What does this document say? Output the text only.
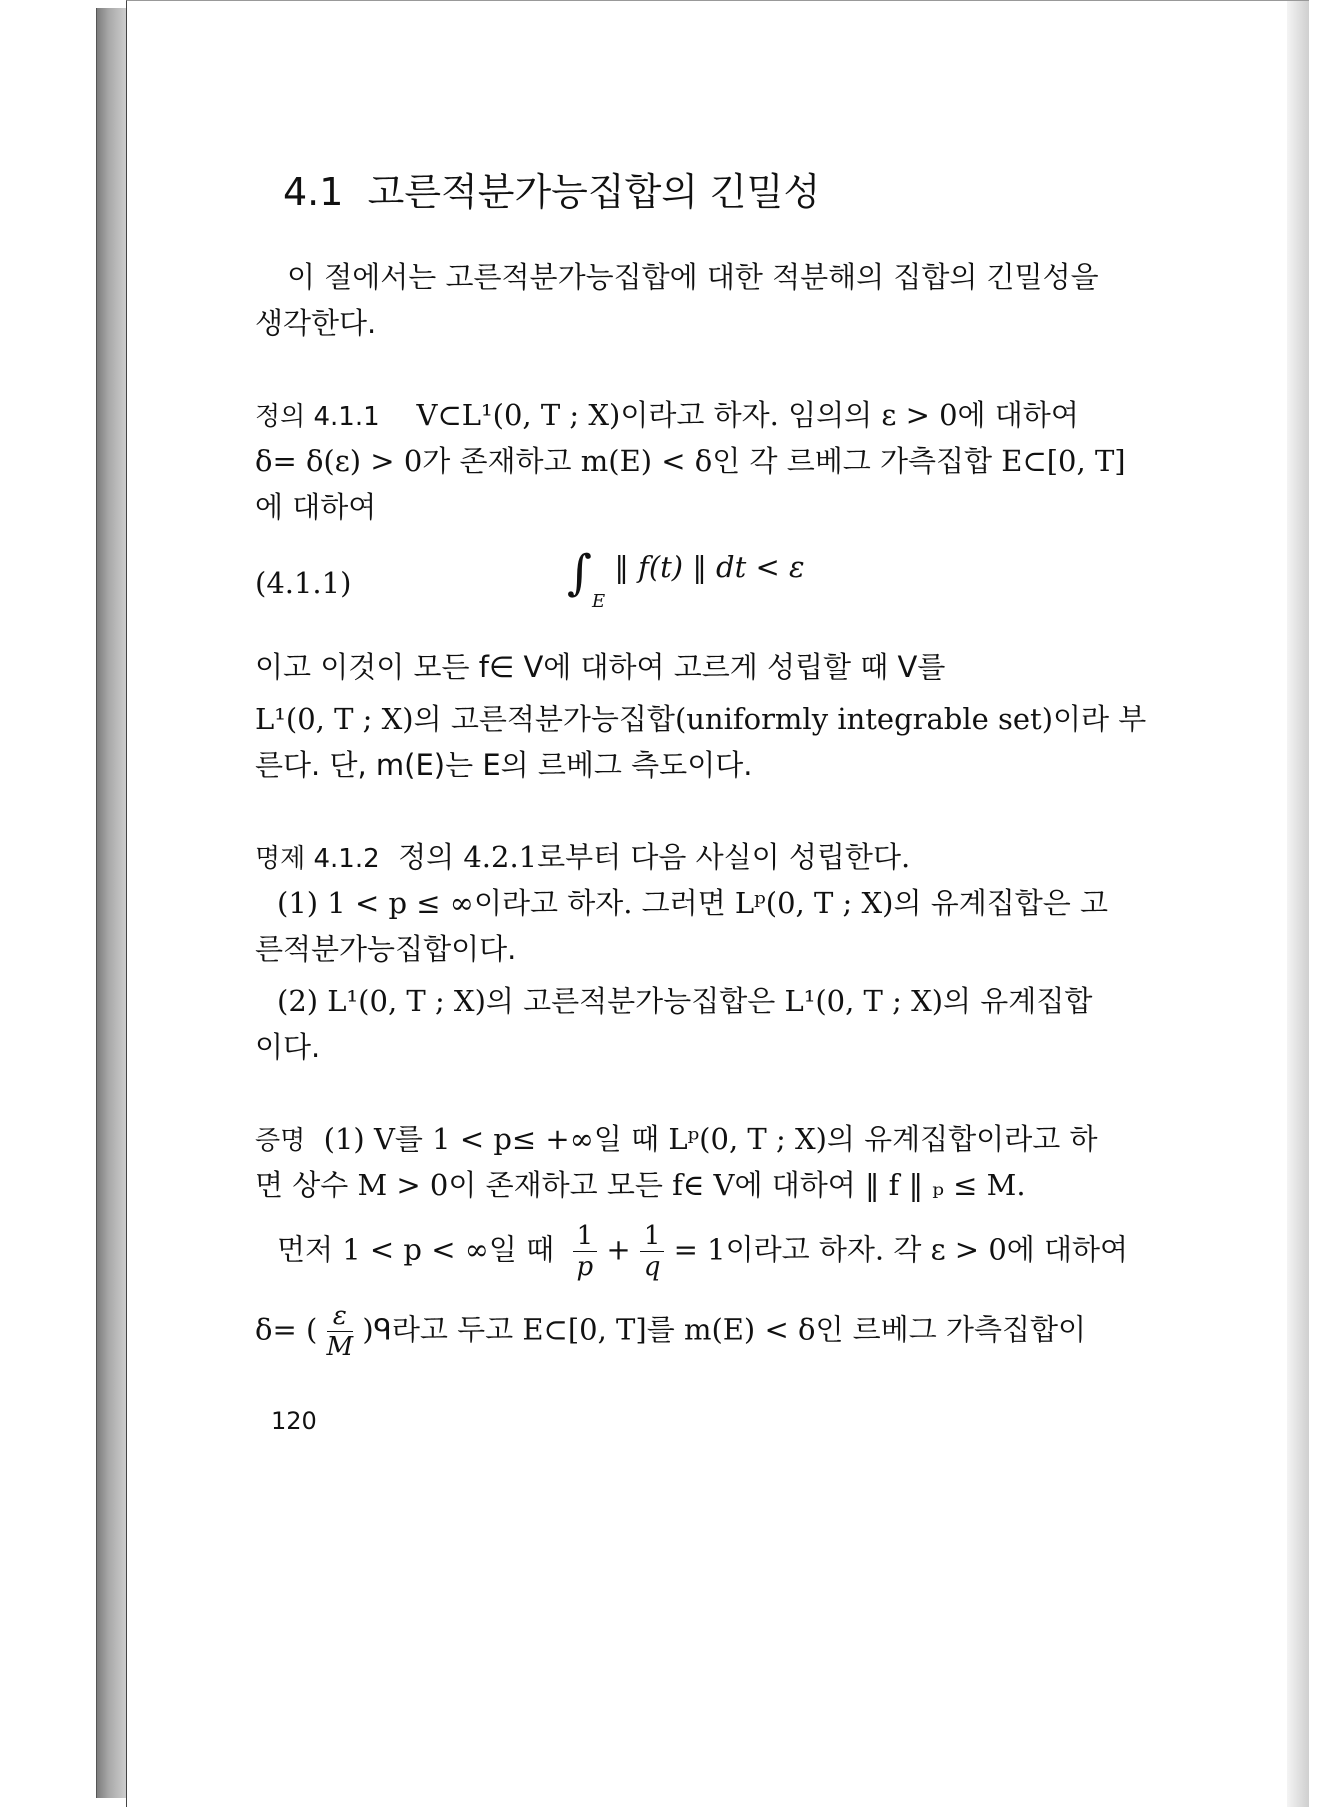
4.1 고른적분가능집합의 긴밀성
이 절에서는 고른적분가능집합에 대한 적분해의 집합의 긴밀성을
생각한다.
정의 4.1.1 V⊂L¹(0, T ; X)이라고 하자. 임의의 ε > 0에 대하여
δ= δ(ε) > 0가 존재하고 m(E) < δ인 각 르베그 가측집합 E⊂[0, T]
에 대하여
(4.1.1)	$\int_E$ ‖ f(t) ‖ dt < ε
이고 이것이 모든 f∈ V에 대하여 고르게 성립할 때 V를
L¹(0, T ; X)의 고른적분가능집합(uniformly integrable set)이라 부
른다. 단, m(E)는 E의 르베그 측도이다.
명제 4.1.2 정의 4.2.1로부터 다음 사실이 성립한다.
(1) 1 < p ≤ ∞이라고 하자. 그러면 Lᵖ(0, T ; X)의 유계집합은 고
른적분가능집합이다.
(2) L¹(0, T ; X)의 고른적분가능집합은 L¹(0, T ; X)의 유계집합
이다.
증명 (1) V를 1 < p≤ +∞일 때 Lᵖ(0, T ; X)의 유계집합이라고 하
면 상수 M > 0이 존재하고 모든 f∈ V에 대하여 ‖ f ‖ ₚ ≤ M.
먼저 1 < p < ∞일 때 $\frac{1}{p} + \frac{1}{q} = 1$이라고 하자. 각 ε > 0에 대하여
δ= ( $\frac{\varepsilon}{M}$ )ᑫ라고 두고 E⊂[0, T]를 m(E) < δ인 르베그 가측집합이
120
